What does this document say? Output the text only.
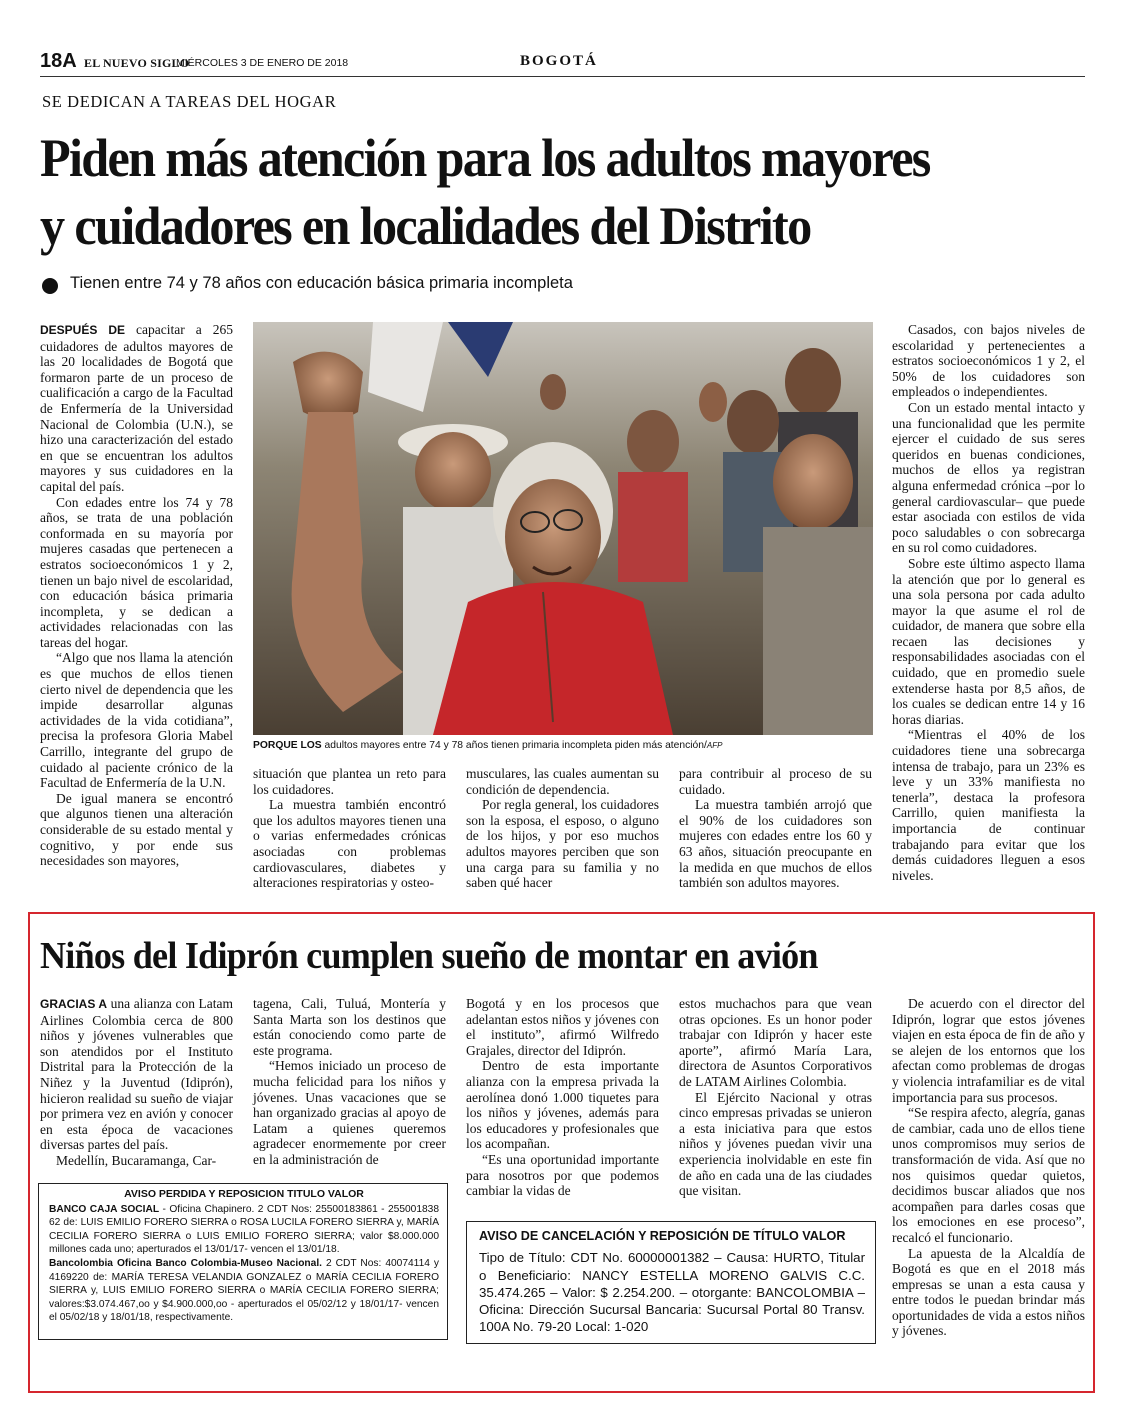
18A EL NUEVO SIGLO
MIÉRCOLES 3 DE ENERO DE 2018	BOGOTÁ
SE DEDICAN A TAREAS DEL HOGAR
Piden más atención para los adultos mayores
y cuidadores en localidades del Distrito
Tienen entre 74 y 78 años con educación básica primaria incompleta

DESPUÉS DE capacitar a 265 cuidadores de adultos mayores de las 20 localidades de Bogotá que formaron parte de un proceso de cualificación a cargo de la Facultad de Enfermería de la Universidad Nacional de Colombia (U.N.), se hizo una caracterización del estado en que se encuentran los adultos mayores y sus cuidadores en la capital del país.

Con edades entre los 74 y 78 años, se trata de una población conformada en su mayoría por mujeres casadas que pertenecen a estratos socioeconómicos 1 y 2, tienen un bajo nivel de escolaridad, con educación básica primaria incompleta, y se dedican a actividades relacionadas con las tareas del hogar.

“Algo que nos llama la atención es que muchos de ellos tienen cierto nivel de dependencia que les impide desarrollar algunas actividades de la vida cotidiana”, precisa la profesora Gloria Mabel Carrillo, integrante del grupo de cuidado al paciente crónico de la Facultad de Enfermería de la U.N.

De igual manera se encontró que algunos tienen una alteración considerable de su estado mental y cognitivo, y por ende sus necesidades son mayores,

PORQUE LOS adultos mayores entre 74 y 78 años tienen primaria incompleta piden más atención/AFP

situación que plantea un reto para los cuidadores.

La muestra también encontró que los adultos mayores tienen una o varias enfermedades crónicas asociadas con problemas cardiovasculares, diabetes y alteraciones respiratorias y osteo-

musculares, las cuales aumentan su condición de dependencia.

Por regla general, los cuidadores son la esposa, el esposo, o alguno de los hijos, y por eso muchos adultos mayores perciben que son una carga para su familia y no saben qué hacer

para contribuir al proceso de su cuidado.

La muestra también arrojó que el 90% de los cuidadores son mujeres con edades entre los 60 y 63 años, situación preocupante en la medida en que muchos de ellos también son adultos mayores.

Casados, con bajos niveles de escolaridad y pertenecientes a estratos socioeconómicos 1 y 2, el 50% de los cuidadores son empleados o independientes.

Con un estado mental intacto y una funcionalidad que les permite ejercer el cuidado de sus seres queridos en buenas condiciones, muchos de ellos ya registran alguna enfermedad crónica –por lo general cardiovascular– que puede estar asociada con estilos de vida poco saludables o con sobrecarga en su rol como cuidadores.

Sobre este último aspecto llama la atención que por lo general es una sola persona por cada adulto mayor la que asume el rol de cuidador, de manera que sobre ella recaen las decisiones y responsabilidades asociadas con el cuidado, que en promedio suele extenderse hasta por 8,5 años, de los cuales se dedican entre 14 y 16 horas diarias.

“Mientras el 40% de los cuidadores tiene una sobrecarga intensa de trabajo, para un 23% es leve y un 33% manifiesta no tenerla”, destaca la profesora Carrillo, quien manifiesta la importancia de continuar trabajando para evitar que los demás cuidadores lleguen a esos niveles.

Niños del Idiprón cumplen sueño de montar en avión

GRACIAS A una alianza con Latam Airlines Colombia cerca de 800 niños y jóvenes vulnerables que son atendidos por el Instituto Distrital para la Protección de la Niñez y la Juventud (Idiprón), hicieron realidad su sueño de viajar por primera vez en avión y conocer en esta época de vacaciones diversas partes del país.

Medellín, Bucaramanga, Car-

tagena, Cali, Tuluá, Montería y Santa Marta son los destinos que están conociendo como parte de este programa.

“Hemos iniciado un proceso de mucha felicidad para los niños y jóvenes. Unas vacaciones que se han organizado gracias al apoyo de Latam a quienes queremos agradecer enormemente por creer en la administración de

Bogotá y en los procesos que adelantan estos niños y jóvenes con el instituto”, afirmó Wilfredo Grajales, director del Idiprón.

Dentro de esta importante alianza con la empresa privada la aerolínea donó 1.000 tiquetes para los niños y jóvenes, además para los educadores y profesionales que los acompañan.

“Es una oportunidad importante para nosotros por que podemos cambiar la vidas de

estos muchachos para que vean otras opciones. Es un honor poder trabajar con Idiprón y hacer este aporte”, afirmó María Lara, directora de Asuntos Corporativos de LATAM Airlines Colombia.

El Ejército Nacional y otras cinco empresas privadas se unieron a esta iniciativa para que estos niños y jóvenes puedan vivir una experiencia inolvidable en este fin de año en cada una de las ciudades que visitan.

De acuerdo con el director del Idiprón, lograr que estos jóvenes viajen en esta época de fin de año y se alejen de los entornos que los afectan como problemas de drogas y violencia intrafamiliar es de vital importancia para sus procesos.

“Se respira afecto, alegría, ganas de cambiar, cada uno de ellos tiene unos compromisos muy serios de transformación de vida. Así que no nos quisimos quedar quietos, decidimos buscar aliados que nos acompañen para darles cosas que los emociones en ese proceso”, recalcó el funcionario.

La apuesta de la Alcaldía de Bogotá es que en el 2018 más empresas se unan a esta causa y entre todos le puedan brindar más oportunidades de vida a estos niños y jóvenes.

AVISO PERDIDA Y REPOSICION TITULO VALOR

BANCO CAJA SOCIAL - Oficina Chapinero. 2 CDT Nos: 25500183861 - 255001838 62 de: LUIS EMILIO FORERO SIERRA o ROSA LUCILA FORERO SIERRA y, MARÍA CECILIA FORERO SIERRA o LUIS EMILIO FORERO SIERRA; valor $8.000.000 millones cada uno; aperturados el 13/01/17- vencen el 13/01/18.

Bancolombia Oficina Banco Colombia-Museo Nacional. 2 CDT Nos: 40074114 y 4169220 de: MARÍA TERESA VELANDIA GONZALEZ o MARÍA CECILIA FORERO SIERRA y, LUIS EMILIO FORERO SIERRA o MARÍA CECILIA FORERO SIERRA; valores:$3.074.467,oo y $4.900.000,oo - aperturados el 05/02/12 y 18/01/17- vencen el 05/02/18 y 18/01/18, respectivamente.

AVISO DE CANCELACIÓN Y REPOSICIÓN DE TÍTULO VALOR

Tipo de Título: CDT No. 60000001382 – Causa: HURTO, Titular o Beneficiario: NANCY ESTELLA MORENO GALVIS C.C. 35.474.265 – Valor: $ 2.254.200. – otorgante: BANCOLOMBIA – Oficina: Dirección Sucursal Bancaria: Sucursal Portal 80 Transv. 100A No. 79-20 Local: 1-020
